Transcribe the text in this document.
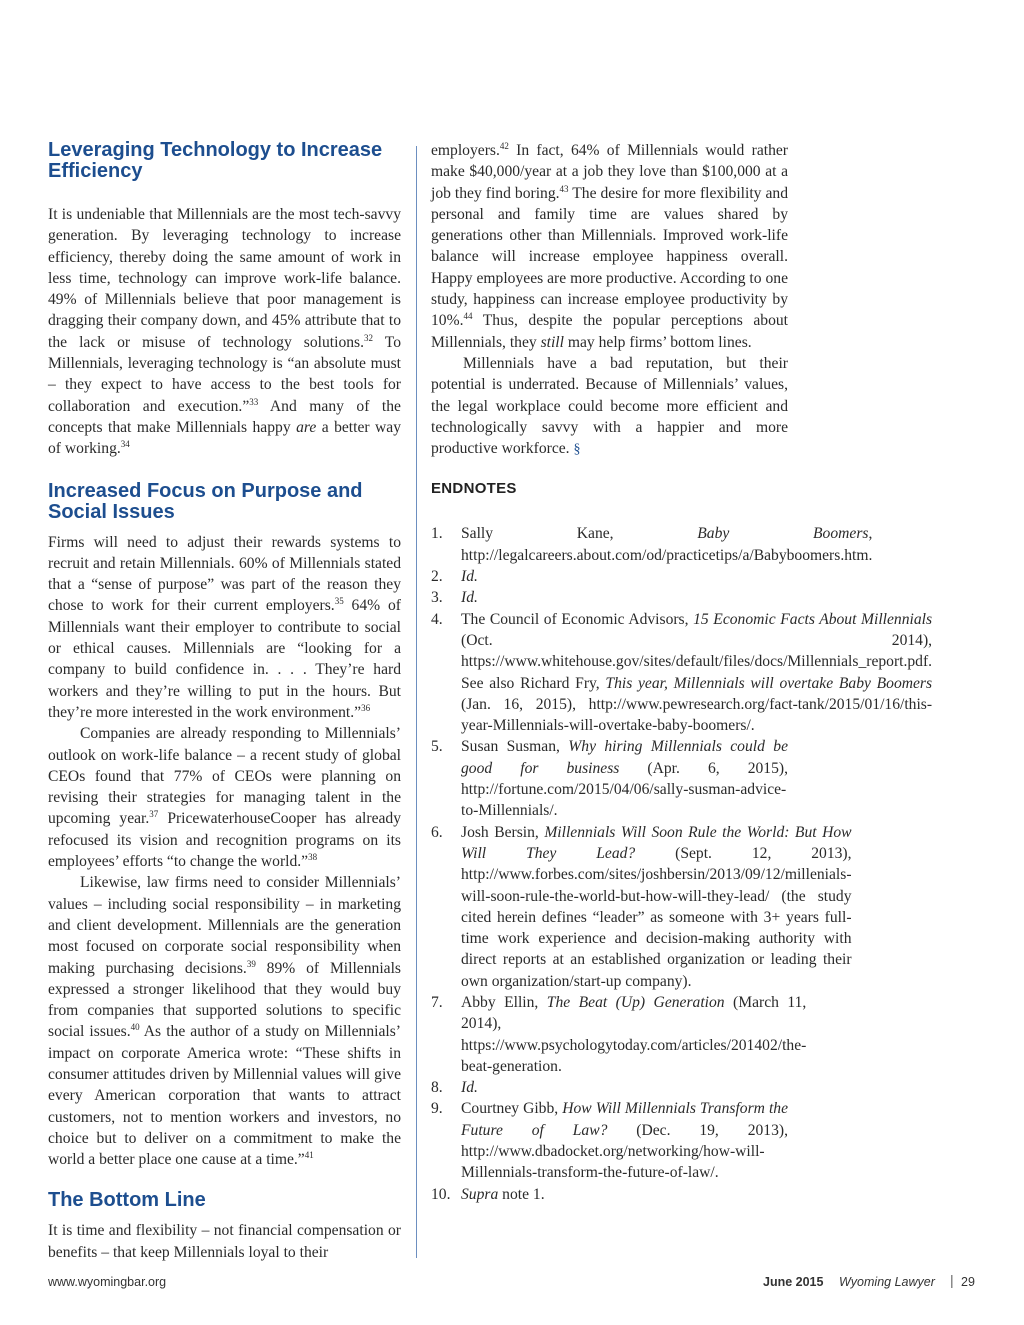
Leveraging Technology to Increase Efficiency

It is undeniable that Millennials are the most tech-savvy generation. By leveraging technology to increase efficiency, thereby doing the same amount of work in less time, technology can improve work-life balance. 49% of Millennials believe that poor management is dragging their company down, and 45% attribute that to the lack or misuse of technology solutions.$^{32}$ To Millennials, leveraging technology is “an absolute must – they expect to have access to the best tools for collaboration and execution.”$^{33}$ And many of the concepts that make Millennials happy are a better way of working.$^{34}$

Increased Focus on Purpose and Social Issues

Firms will need to adjust their rewards systems to recruit and retain Millennials. 60% of Millennials stated that a “sense of purpose” was part of the reason they chose to work for their current employers.$^{35}$ 64% of Millennials want their employer to contribute to social or ethical causes. Millennials are “looking for a company to build confidence in. . . . They’re hard workers and they’re willing to put in the hours. But they’re more interested in the work environment.”$^{36}$

Companies are already responding to Millennials’ outlook on work-life balance – a recent study of global CEOs found that 77% of CEOs were planning on revising their strategies for managing talent in the upcoming year.$^{37}$ PricewaterhouseCooper has already refocused its vision and recognition programs on its employees’ efforts “to change the world.”$^{38}$

Likewise, law firms need to consider Millennials’ values – including social responsibility – in marketing and client development. Millennials are the generation most focused on corporate social responsibility when making purchasing decisions.$^{39}$ 89% of Millennials expressed a stronger likelihood that they would buy from companies that supported solutions to specific social issues.$^{40}$ As the author of a study on Millennials’ impact on corporate America wrote: “These shifts in consumer attitudes driven by Millennial values will give every American corporation that wants to attract customers, not to mention workers and investors, no choice but to deliver on a commitment to make the world a better place one cause at a time.”$^{41}$

The Bottom Line

It is time and flexibility – not financial compensation or benefits – that keep Millennials loyal to their

employers.$^{42}$ In fact, 64% of Millennials would rather make $40,000/year at a job they love than $100,000 at a job they find boring.$^{43}$ The desire for more flexibility and personal and family time are values shared by generations other than Millennials. Improved work-life balance will increase employee happiness overall. Happy employees are more productive. According to one study, happiness can increase employee productivity by 10%.$^{44}$ Thus, despite the popular perceptions about Millennials, they still may help firms’ bottom lines.

Millennials have a bad reputation, but their potential is underrated. Because of Millennials’ values, the legal workplace could become more efficient and technologically savvy with a happier and more productive workforce. §

ENDNOTES
1.	Sally Kane, Baby Boomers, http://legalcareers.about.com/od/practicetips/a/Babyboomers.htm.
2.	Id.
3.	Id.
4.	The Council of Economic Advisors, 15 Economic Facts About Millennials (Oct. 2014), https://www.whitehouse.gov/sites/default/files/docs/Millennials_report.pdf. See also Richard Fry, This year, Millennials will overtake Baby Boomers (Jan. 16, 2015), http://www.pewresearch.org/fact-tank/2015/01/16/this-year-Millennials-will-overtake-baby-boomers/.
5.	Susan Susman, Why hiring Millennials could be good for business (Apr. 6, 2015), http://fortune.com/2015/04/06/sally-susman-advice-to-Millennials/.
6.	Josh Bersin, Millennials Will Soon Rule the World: But How Will They Lead? (Sept. 12, 2013), http://www.forbes.com/sites/joshbersin/2013/09/12/millenials-will-soon-rule-the-world-but-how-will-they-lead/ (the study cited herein defines “leader” as someone with 3+ years full-time work experience and decision-making authority with direct reports at an established organization or leading their own organization/start-up company).
7.	Abby Ellin, The Beat (Up) Generation (March 11, 2014), https://www.psychologytoday.com/articles/201402/the-beat-generation.
8.	Id.
9.	Courtney Gibb, How Will Millennials Transform the Future of Law? (Dec. 19, 2013), http://www.dbadocket.org/networking/how-will-Millennials-transform-the-future-of-law/.
10. Supra note 1.
www.wyomingbar.org	June 2015 Wyoming Lawyer | 29
